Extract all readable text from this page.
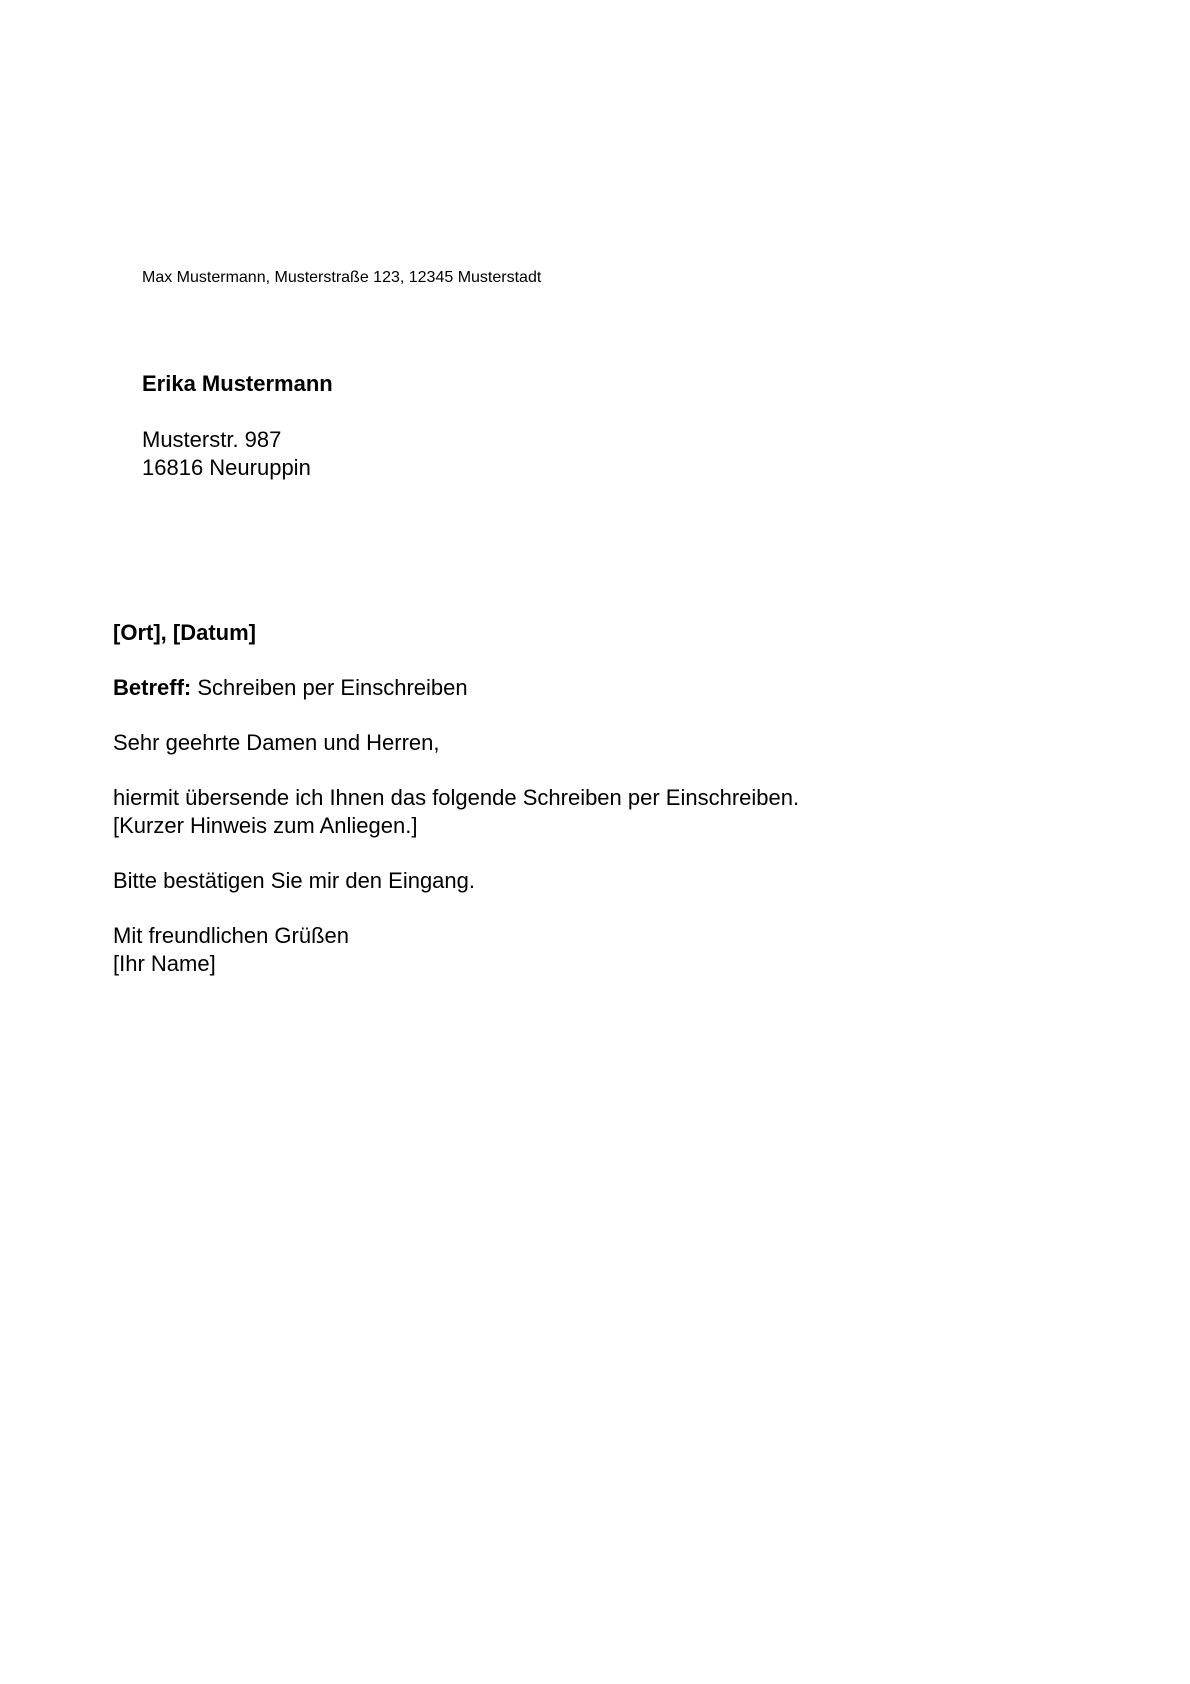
Max Mustermann, Musterstraße 123, 12345 Musterstadt
Erika Mustermann
Musterstr. 987
16816 Neuruppin
[Ort], [Datum]
Betreff: Schreiben per Einschreiben
Sehr geehrte Damen und Herren,
hiermit übersende ich Ihnen das folgende Schreiben per Einschreiben.
[Kurzer Hinweis zum Anliegen.]
Bitte bestätigen Sie mir den Eingang.
Mit freundlichen Grüßen
[Ihr Name]
